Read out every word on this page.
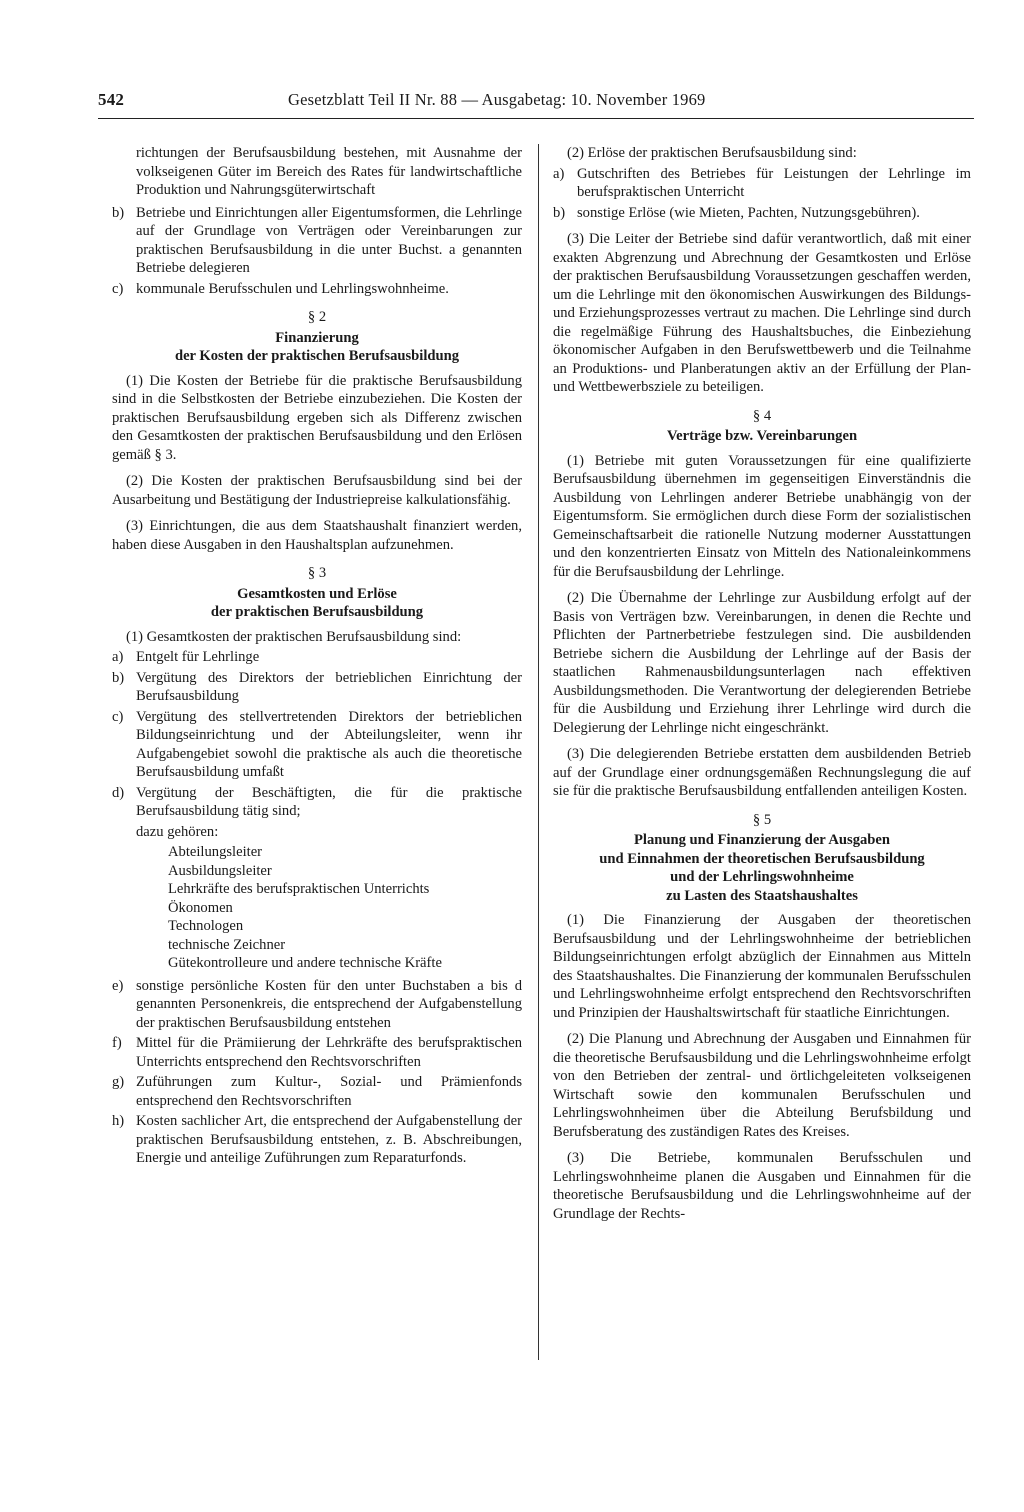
542	Gesetzblatt Teil II Nr. 88 — Ausgabetag: 10. November 1969
richtungen der Berufsausbildung bestehen, mit Ausnahme der volkseigenen Güter im Bereich des Rates für landwirtschaftliche Produktion und Nahrungsgüterwirtschaft
b) Betriebe und Einrichtungen aller Eigentumsformen, die Lehrlinge auf der Grundlage von Verträgen oder Vereinbarungen zur praktischen Berufsausbildung in die unter Buchst. a genannten Betriebe delegieren
c) kommunale Berufsschulen und Lehrlingswohnheime.
§ 2
Finanzierung
der Kosten der praktischen Berufsausbildung

(1) Die Kosten der Betriebe für die praktische Berufsausbildung sind in die Selbstkosten der Betriebe einzubeziehen. Die Kosten der praktischen Berufsausbildung ergeben sich als Differenz zwischen den Gesamtkosten der praktischen Berufsausbildung und den Erlösen gemäß § 3.

(2) Die Kosten der praktischen Berufsausbildung sind bei der Ausarbeitung und Bestätigung der Industriepreise kalkulationsfähig.

(3) Einrichtungen, die aus dem Staatshaushalt finanziert werden, haben diese Ausgaben in den Haushaltsplan aufzunehmen.

§ 3
Gesamtkosten und Erlöse
der praktischen Berufsausbildung

(1) Gesamtkosten der praktischen Berufsausbildung sind:

a) Entgelt für Lehrlinge
b) Vergütung des Direktors der betrieblichen Einrichtung der Berufsausbildung
c) Vergütung des stellvertretenden Direktors der betrieblichen Bildungseinrichtung und der Abteilungsleiter, wenn ihr Aufgabengebiet sowohl die praktische als auch die theoretische Berufsausbildung umfaßt
d) Vergütung der Beschäftigten, die für die praktische Berufsausbildung tätig sind;
dazu gehören:
Abteilungsleiter
Ausbildungsleiter
Lehrkräfte des berufspraktischen Unterrichts
Ökonomen
Technologen
technische Zeichner
Gütekontrolleure und andere technische Kräfte
e) sonstige persönliche Kosten für den unter Buchstaben a bis d genannten Personenkreis, die entsprechend der Aufgabenstellung der praktischen Berufsausbildung entstehen
f) Mittel für die Prämiierung der Lehrkräfte des berufspraktischen Unterrichts entsprechend den Rechtsvorschriften
g) Zuführungen zum Kultur-, Sozial- und Prämienfonds entsprechend den Rechtsvorschriften
h) Kosten sachlicher Art, die entsprechend der Aufgabenstellung der praktischen Berufsausbildung entstehen, z. B. Abschreibungen, Energie und anteilige Zuführungen zum Reparaturfonds.

(2) Erlöse der praktischen Berufsausbildung sind:

a) Gutschriften des Betriebes für Leistungen der Lehrlinge im berufspraktischen Unterricht
b) sonstige Erlöse (wie Mieten, Pachten, Nutzungsgebühren).

(3) Die Leiter der Betriebe sind dafür verantwortlich, daß mit einer exakten Abgrenzung und Abrechnung der Gesamtkosten und Erlöse der praktischen Berufsausbildung Voraussetzungen geschaffen werden, um die Lehrlinge mit den ökonomischen Auswirkungen des Bildungs- und Erziehungsprozesses vertraut zu machen. Die Lehrlinge sind durch die regelmäßige Führung des Haushaltsbuches, die Einbeziehung ökonomischer Aufgaben in den Berufswettbewerb und die Teilnahme an Produktions- und Planberatungen aktiv an der Erfüllung der Plan- und Wettbewerbsziele zu beteiligen.

§ 4
Verträge bzw. Vereinbarungen

(1) Betriebe mit guten Voraussetzungen für eine qualifizierte Berufsausbildung übernehmen im gegenseitigen Einverständnis die Ausbildung von Lehrlingen anderer Betriebe unabhängig von der Eigentumsform. Sie ermöglichen durch diese Form der sozialistischen Gemeinschaftsarbeit die rationelle Nutzung moderner Ausstattungen und den konzentrierten Einsatz von Mitteln des Nationaleinkommens für die Berufsausbildung der Lehrlinge.

(2) Die Übernahme der Lehrlinge zur Ausbildung erfolgt auf der Basis von Verträgen bzw. Vereinbarungen, in denen die Rechte und Pflichten der Partnerbetriebe festzulegen sind. Die ausbildenden Betriebe sichern die Ausbildung der Lehrlinge auf der Basis der staatlichen Rahmenausbildungsunterlagen nach effektiven Ausbildungsmethoden. Die Verantwortung der delegierenden Betriebe für die Ausbildung und Erziehung ihrer Lehrlinge wird durch die Delegierung der Lehrlinge nicht eingeschränkt.

(3) Die delegierenden Betriebe erstatten dem ausbildenden Betrieb auf der Grundlage einer ordnungsgemäßen Rechnungslegung die auf sie für die praktische Berufsausbildung entfallenden anteiligen Kosten.

§ 5
Planung und Finanzierung der Ausgaben
und Einnahmen der theoretischen Berufsausbildung
und der Lehrlingswohnheime
zu Lasten des Staatshaushaltes

(1) Die Finanzierung der Ausgaben der theoretischen Berufsausbildung und der Lehrlingswohnheime der betrieblichen Bildungseinrichtungen erfolgt abzüglich der Einnahmen aus Mitteln des Staatshaushaltes. Die Finanzierung der kommunalen Berufsschulen und Lehrlingswohnheime erfolgt entsprechend den Rechtsvorschriften und Prinzipien der Haushaltswirtschaft für staatliche Einrichtungen.

(2) Die Planung und Abrechnung der Ausgaben und Einnahmen für die theoretische Berufsausbildung und die Lehrlingswohnheime erfolgt von den Betrieben der zentral- und örtlichgeleiteten volkseigenen Wirtschaft sowie den kommunalen Berufsschulen und Lehrlingswohnheimen über die Abteilung Berufsbildung und Berufsberatung des zuständigen Rates des Kreises.

(3) Die Betriebe, kommunalen Berufsschulen und Lehrlingswohnheime planen die Ausgaben und Einnahmen für die theoretische Berufsausbildung und die Lehrlingswohnheime auf der Grundlage der Rechts-
